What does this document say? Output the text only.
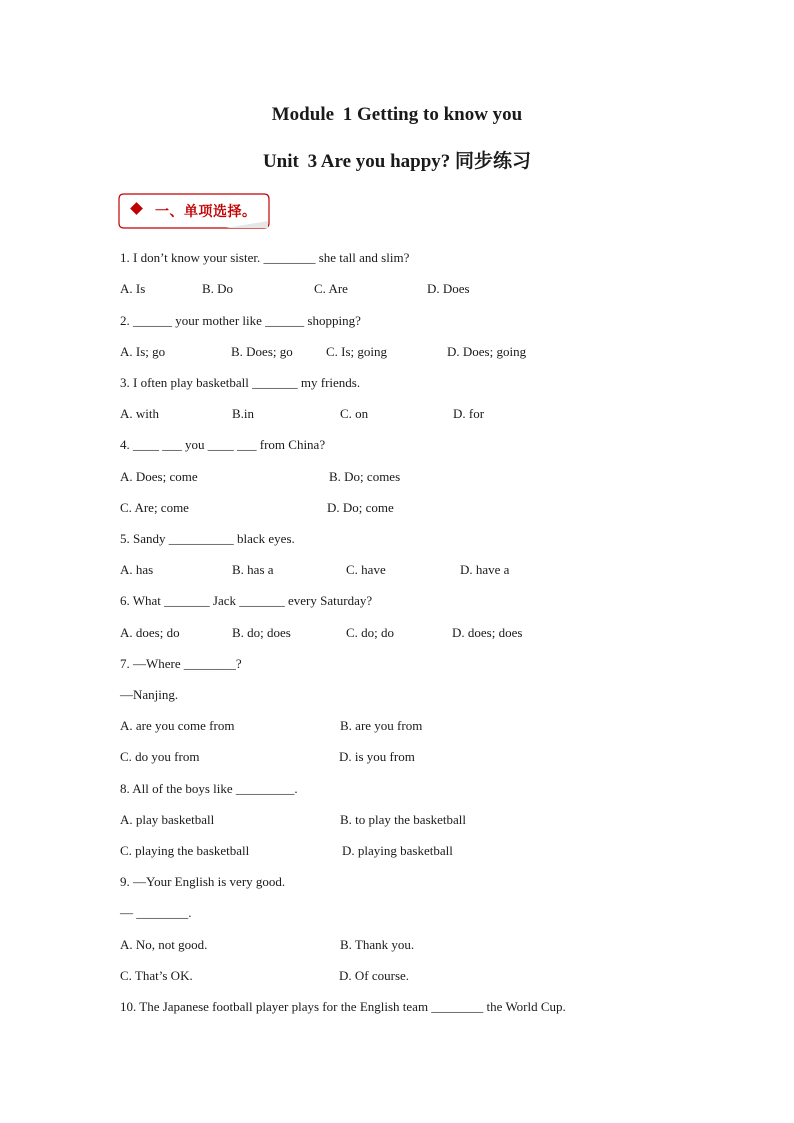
Module 1 Getting to know you
Unit 3 Are you happy? 同步练习
一、单项选择。
1. I don’t know your sister. ________ she tall and slim?
A. Is	B. Do	C. Are	D. Does
2. ______ your mother like ______ shopping?
A. Is; go	B. Does; go	C. Is; going	D. Does; going
3. I often play basketball _______ my friends.
A. with	B.in	C. on	D. for
4. ____ ___ you ____ ___ from China?
A. Does; come	B. Do; comes
C. Are; come	D. Do; come
5. Sandy __________ black eyes.
A. has	B. has a	C. have	D. have a
6. What _______ Jack _______ every Saturday?
A. does; do	B. do; does	C. do; do	D. does; does
7. —Where ________?
—Nanjing.
A. are you come from	B. are you from
C. do you from	D. is you from
8. All of the boys like _________.
A. play basketball	B. to play the basketball
C. playing the basketball	D. playing basketball
9. —Your English is very good.
— ________.
A. No, not good.	B. Thank you.
C. That’s OK.	D. Of course.
10. The Japanese football player plays for the English team ________ the World Cup.
